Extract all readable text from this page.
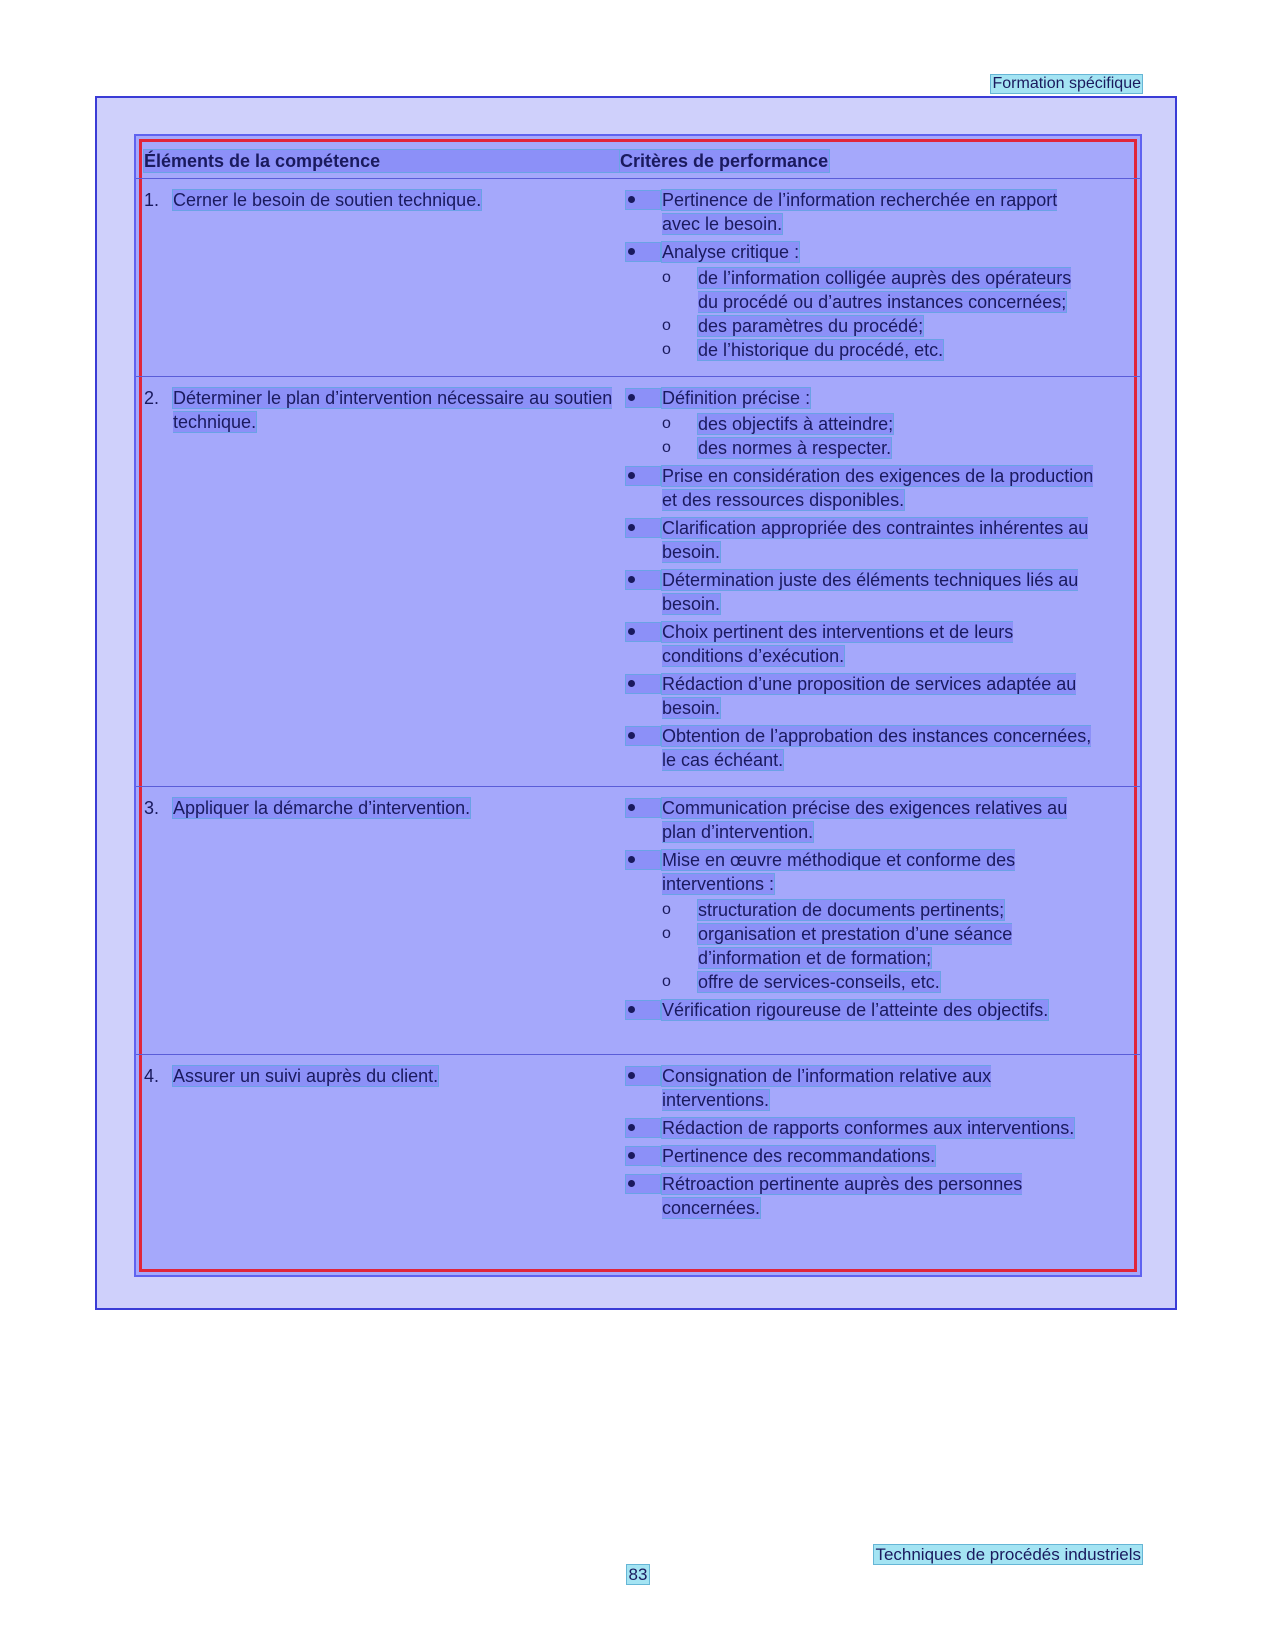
Formation spécifique
Éléments de la compétence	Critères de performance
1. Cerner le besoin de soutien technique.	Pertinence de l’information recherchée en rapport avec le besoin.
Analyse critique :
o	de l’information colligée auprès des opérateurs du procédé ou d’autres instances concernées;
o	des paramètres du procédé;
o	de l’historique du procédé, etc.
2. Déterminer le plan d’intervention nécessaire au soutien technique.
Définition précise :
o	des objectifs à atteindre;
o	des normes à respecter.
Prise en considération des exigences de la production et des ressources disponibles.
Clarification appropriée des contraintes inhérentes au besoin.
Détermination juste des éléments techniques liés au besoin.
Choix pertinent des interventions et de leurs conditions d’exécution.
Rédaction d’une proposition de services adaptée au besoin.
Obtention de l’approbation des instances concernées, le cas échéant.
3. Appliquer la démarche d’intervention.	Communication précise des exigences relatives au plan d’intervention.
Mise en œuvre méthodique et conforme des interventions :
o	structuration de documents pertinents;
o	organisation et prestation d’une séance d’information et de formation;
o	offre de services-conseils, etc.
Vérification rigoureuse de l’atteinte des objectifs.
4. Assurer un suivi auprès du client.	Consignation de l’information relative aux interventions.
Rédaction de rapports conformes aux interventions.
Pertinence des recommandations.
Rétroaction pertinente auprès des personnes concernées.
Techniques de procédés industriels
83
